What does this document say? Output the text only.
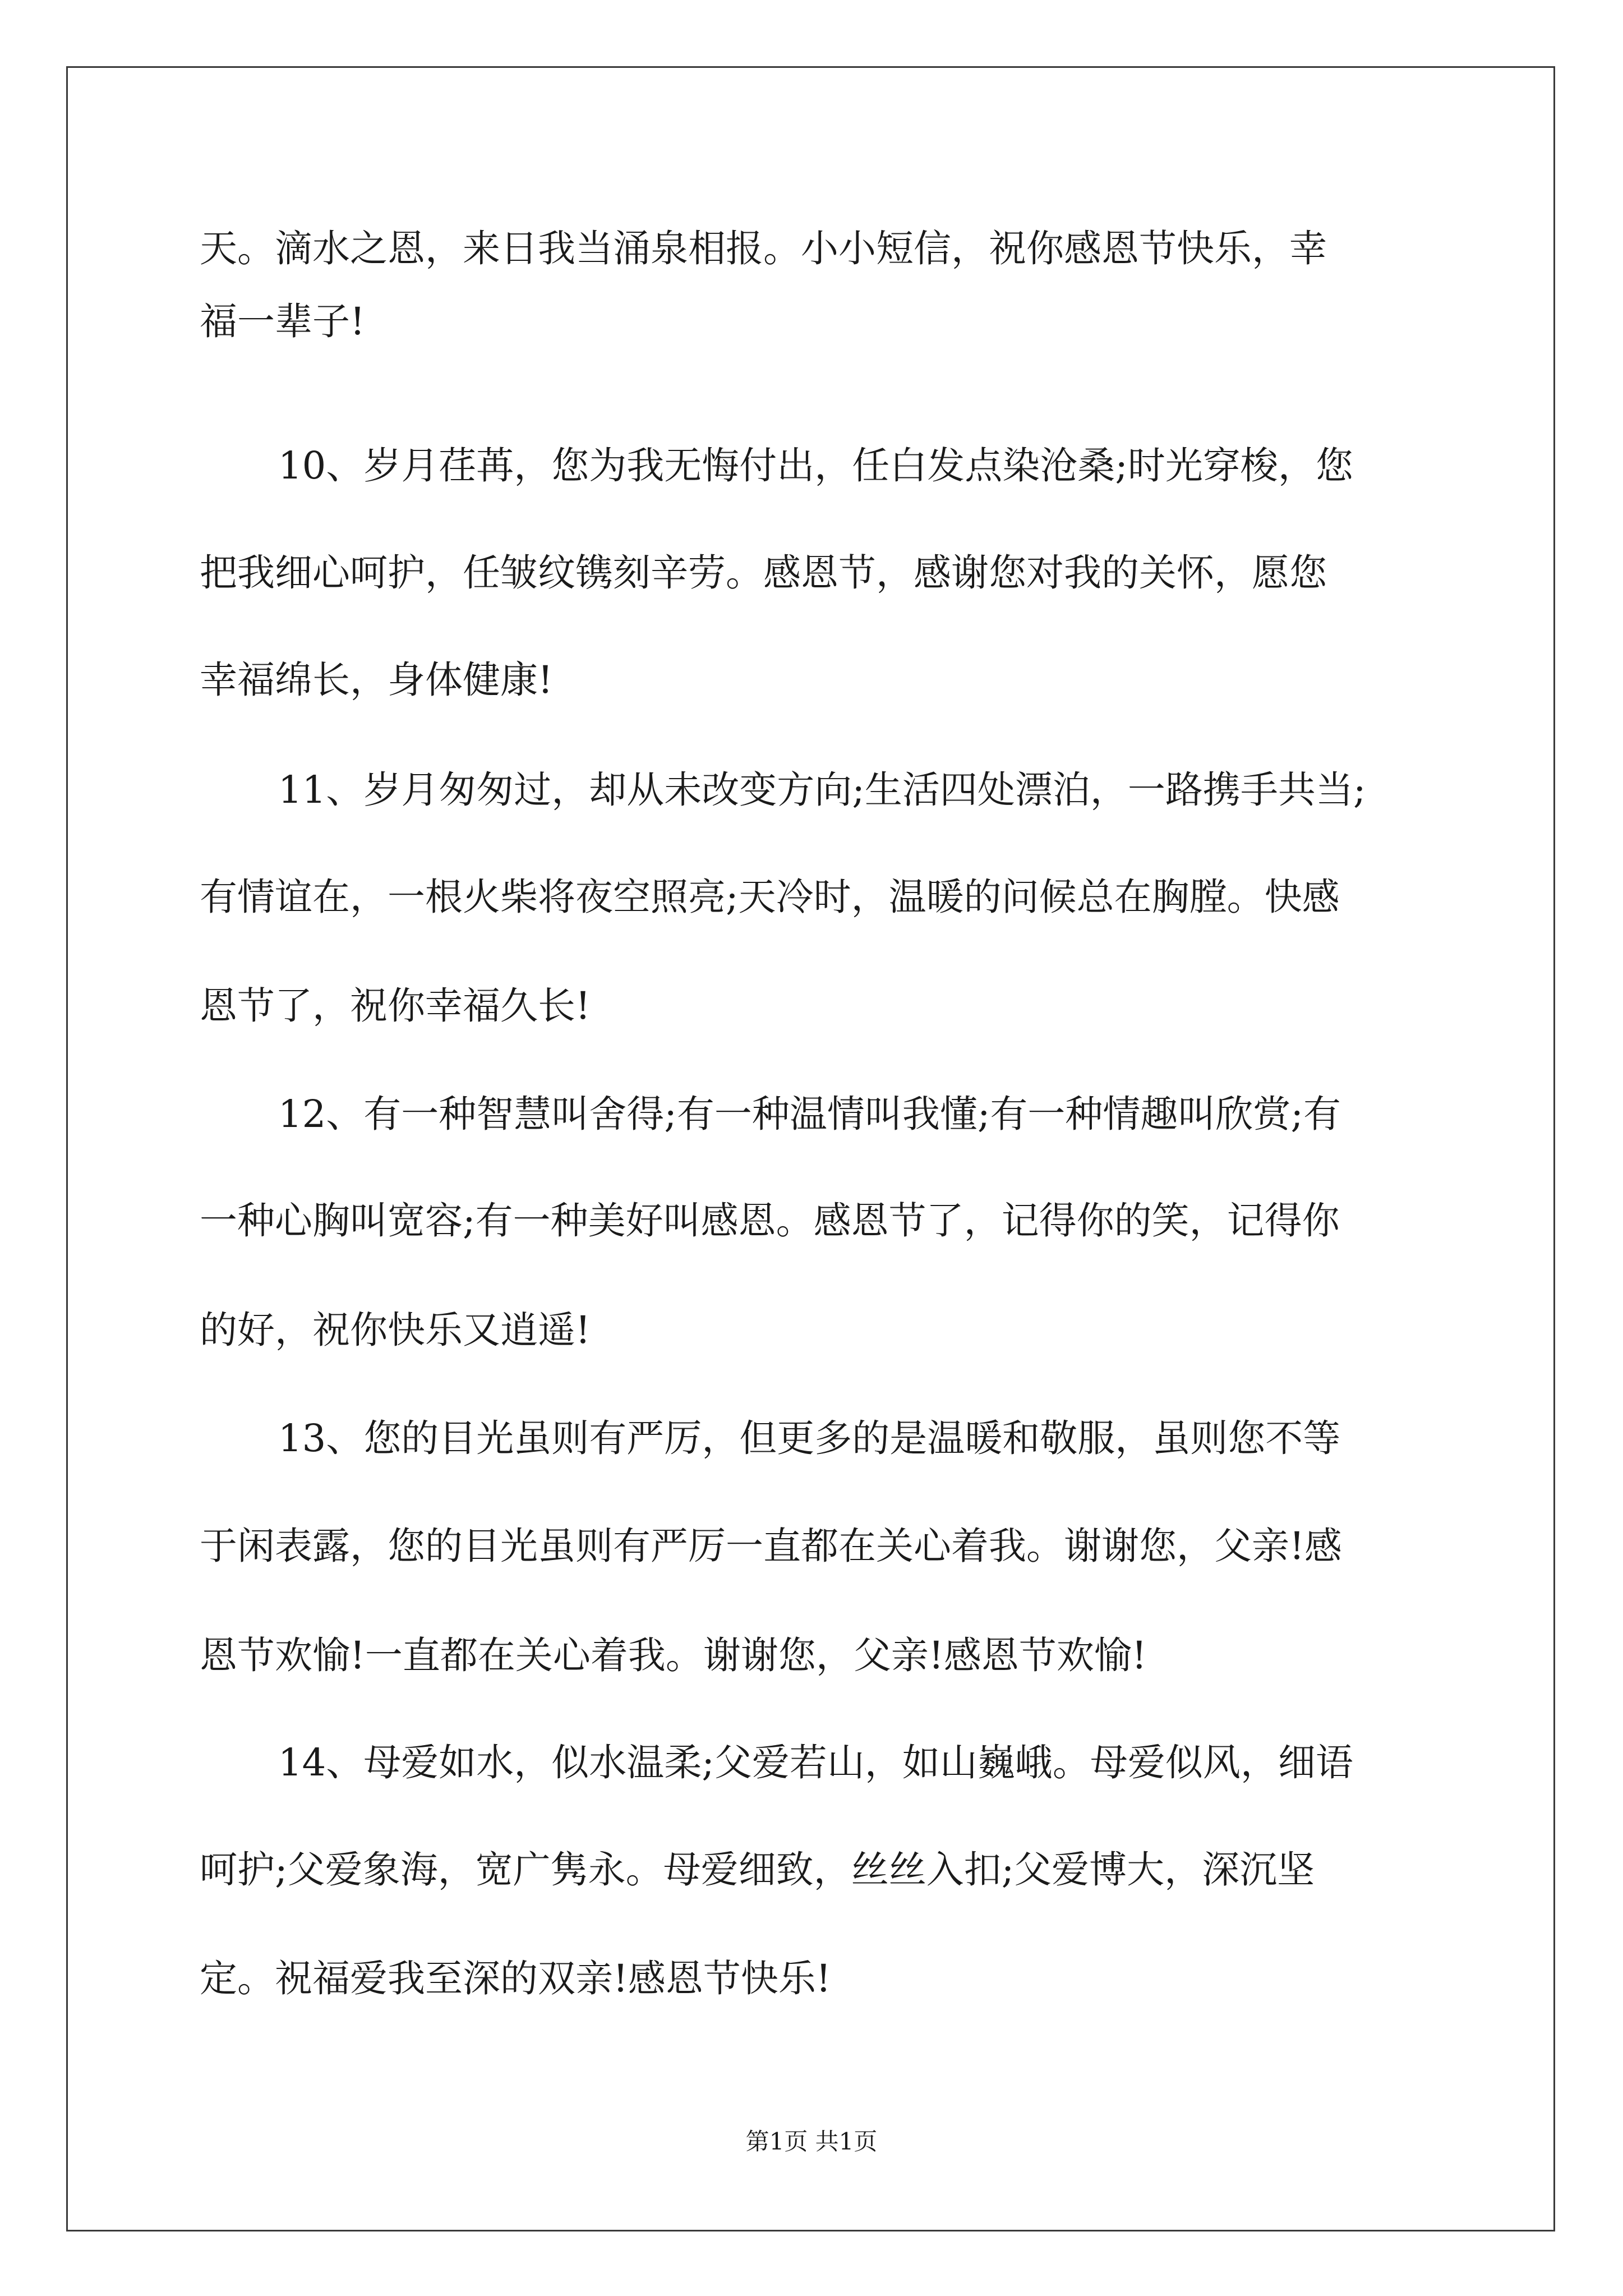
天。滴水之恩，来日我当涌泉相报。小小短信，祝你感恩节快乐，幸

福一辈子!

10、岁月荏苒，您为我无悔付出，任白发点染沧桑;时光穿梭，您

把我细心呵护，任皱纹镌刻辛劳。感恩节，感谢您对我的关怀，愿您

幸福绵长，身体健康!

11、岁月匆匆过，却从未改变方向;生活四处漂泊，一路携手共当;

有情谊在，一根火柴将夜空照亮;天冷时，温暖的问候总在胸膛。快感

恩节了，祝你幸福久长!

12、有一种智慧叫舍得;有一种温情叫我懂;有一种情趣叫欣赏;有

一种心胸叫宽容;有一种美好叫感恩。感恩节了，记得你的笑，记得你

的好，祝你快乐又逍遥!

13、您的目光虽则有严厉，但更多的是温暖和敬服，虽则您不等

于闲表露，您的目光虽则有严厉一直都在关心着我。谢谢您，父亲!感

恩节欢愉!一直都在关心着我。谢谢您，父亲!感恩节欢愉!

14、母爱如水，似水温柔;父爱若山，如山巍峨。母爱似风，细语

呵护;父爱象海，宽广隽永。母爱细致，丝丝入扣;父爱博大，深沉坚

定。祝福爱我至深的双亲!感恩节快乐!

第1页 共1页
